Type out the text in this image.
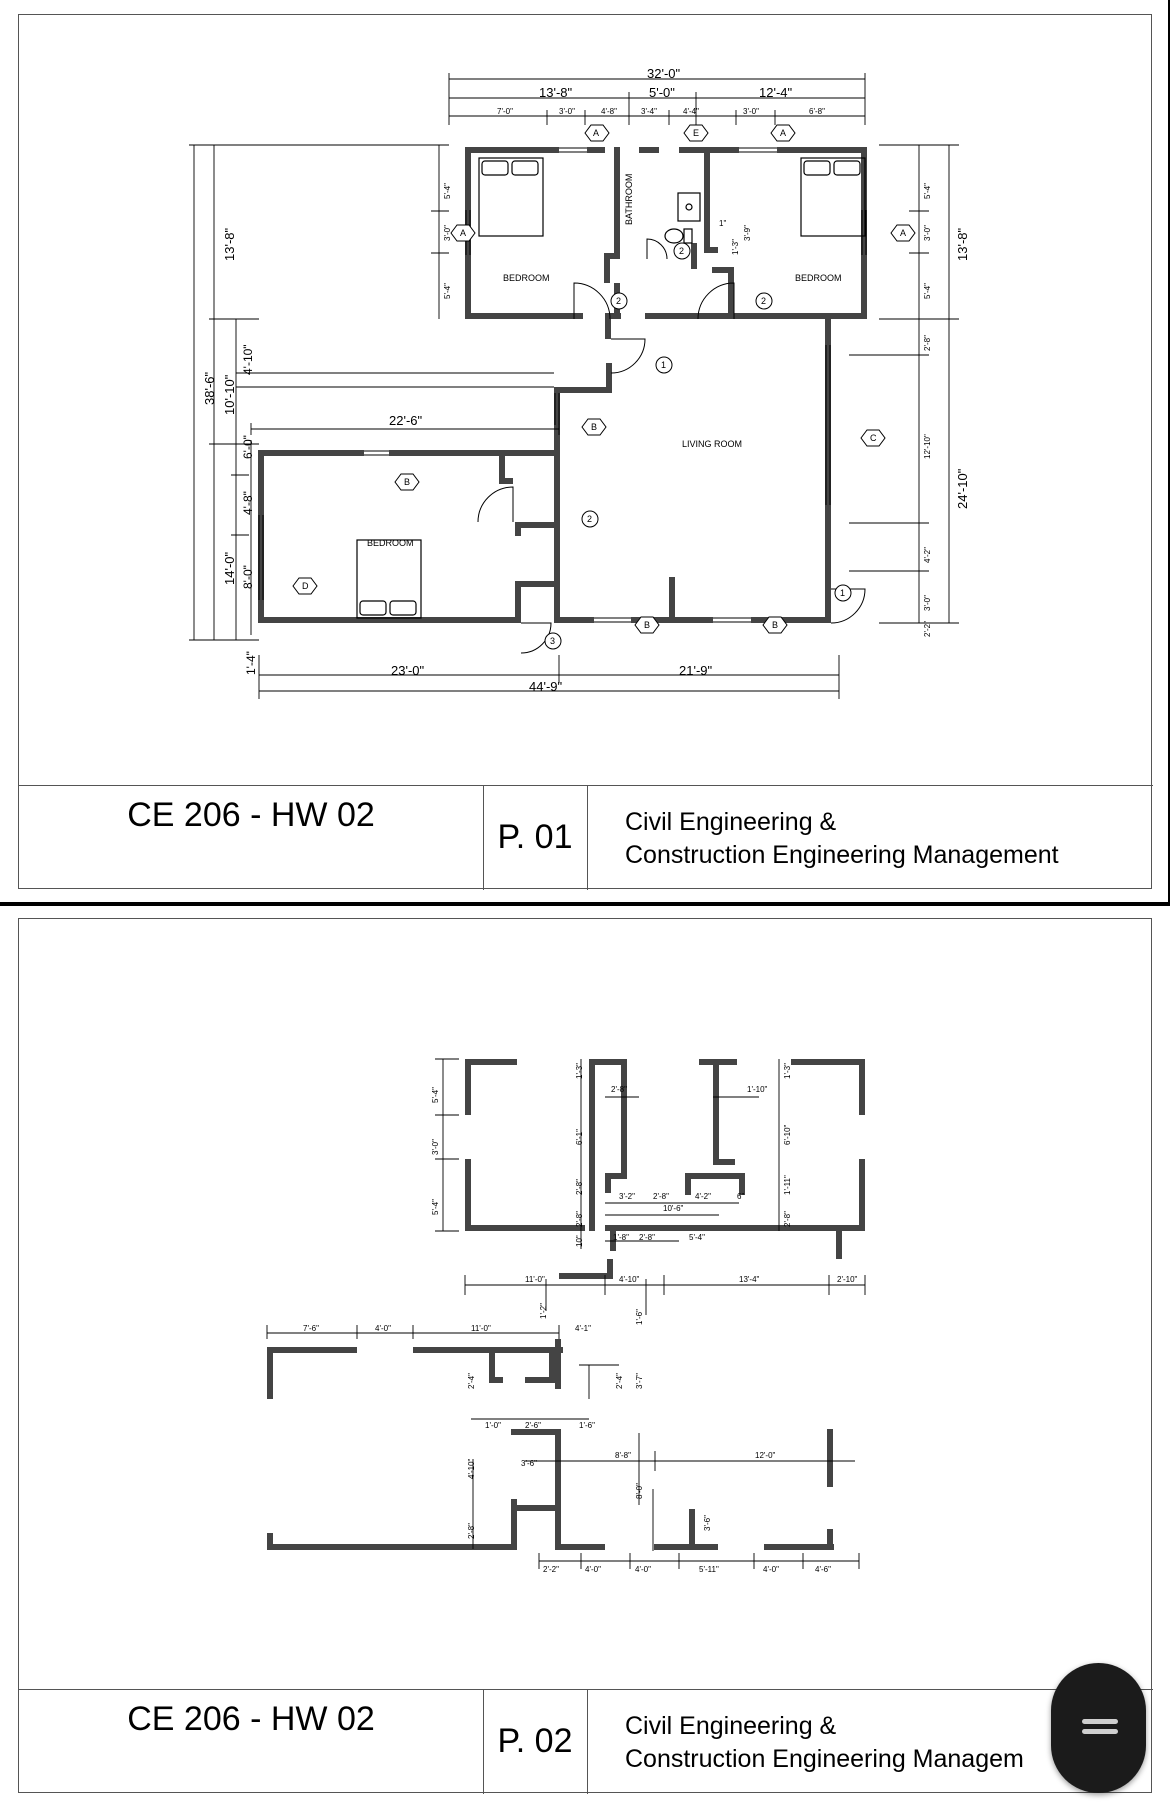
BEDROOM	BEDROOM
BATHROOM
LIVING ROOM
BEDROOM
32'-0"
13'-8"	5'-0"	12'-4"
7'-0"	3'-0"	4'-8"	3'-4"	4'-4"	3'-0"	6'-8"
38'-6"
13'-8"
10'-10"
14'-0"
1'-4"
5'-4"
3'-0"
5'-4"
4'-10"
6'-0"
4'-8"
8'-0"
13'-8"
24'-10"
5'-4"
3'-0"
5'-4"
2'-8"
12'-10"
4'-2"
3'-0"
2'-2"
44'-9"
23'-0"	21'-9"
22'-6"
1"
3'-9"
1'-3"
A	E	A
A	A
B
C
B
D
B	B
2	2
2
1
1
2
3
CE 206 - HW 02
P. 01	Civil Engineering &
Construction Engineering Management
5'-4"
3'-0"
5'-4"
1'-3"
6'-1"
2'-8"
2'-8"
10"
2'-8"	1'-10"
1'-3"
6'-10"
1'-11"
2'-8"
3'-2" 2'-8"	4'-2"	6"
10'-6"
1'-8" 2'-8"	5'-4"
11'-0"	4'-10"	13'-4"	2'-10"
1'-2"	1'-6"
7'-6"	4'-0"	11'-0"	4'-1"
2'-4"	2'-4" 3'-7"
1'-0"	2'-6"	1'-6"
3'-6"
8'-8"	12'-0"
4'-10"
2'-8"
8'-0"
3'-6"
2'-2"	4'-0"	4'-0"	5'-11"	4'-0"	4'-6"
CE 206 - HW 02
P. 02	Civil Engineering &
Construction Engineering Managem
